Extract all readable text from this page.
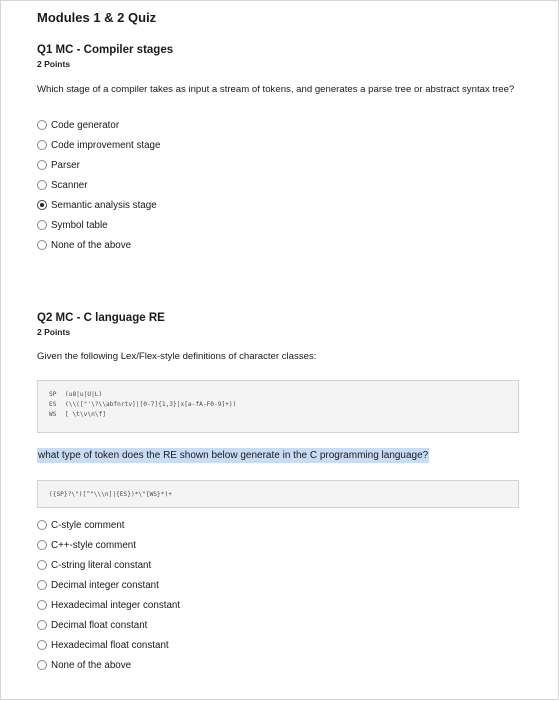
Modules 1 & 2 Quiz
Q1 MC - Compiler stages
2 Points
Which stage of a compiler takes as input a stream of tokens, and generates a parse tree or abstract syntax tree?
Code generator
Code improvement stage
Parser
Scanner
Semantic analysis stage
Symbol table
None of the above
Q2 MC - C language RE
2 Points
Given the following Lex/Flex-style definitions of character classes:
SP (u8|u|U|L)
ES (\\(["'\?\\abfnrtv]|[0-7]{1,3}|x[a-fA-F0-9]+))
WS [ \t\v\n\f]
what type of token does the RE shown below generate in the C programming language?
({SP}?\"([^"\\\n]|{ES})*\"{WS}*)+
C-style comment
C++-style comment
C-string literal constant
Decimal integer constant
Hexadecimal integer constant
Decimal float constant
Hexadecimal float constant
None of the above
